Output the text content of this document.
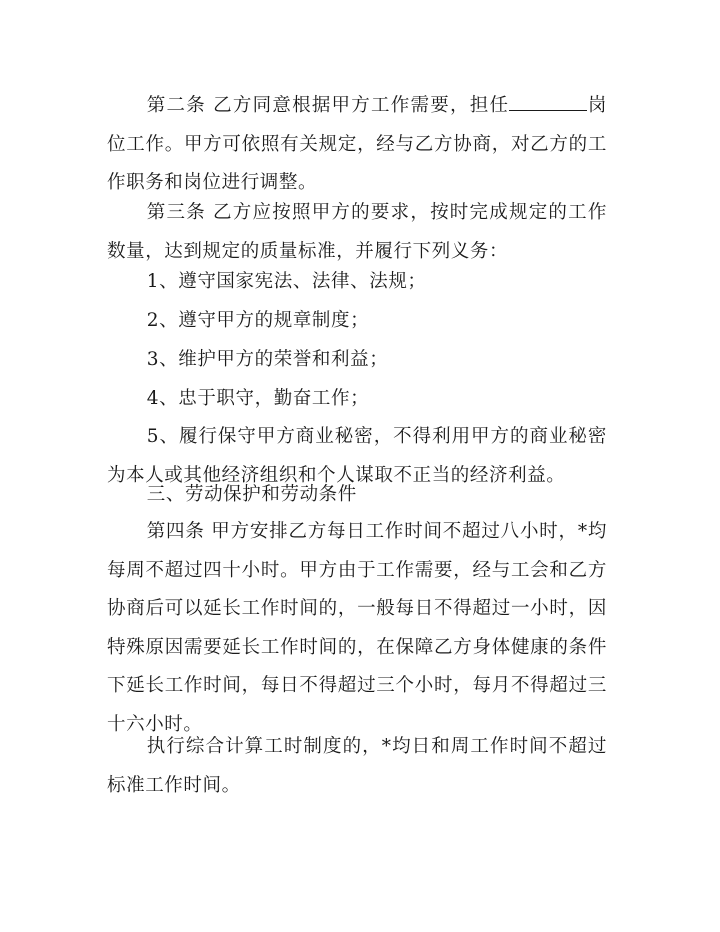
第二条 乙方同意根据甲方工作需要，担任	岗位工作。甲方可依照有关规定，经与乙方协商，对乙方的工作职务和岗位进行调整。

第三条 乙方应按照甲方的要求，按时完成规定的工作数量，达到规定的质量标准，并履行下列义务：

1、遵守国家宪法、法律、法规；

2、遵守甲方的规章制度；

3、维护甲方的荣誉和利益；

4、忠于职守，勤奋工作；

5、履行保守甲方商业秘密，不得利用甲方的商业秘密为本人或其他经济组织和个人谋取不正当的经济利益。

三、劳动保护和劳动条件

第四条 甲方安排乙方每日工作时间不超过八小时，*均每周不超过四十小时。甲方由于工作需要，经与工会和乙方协商后可以延长工作时间的，一般每日不得超过一小时，因特殊原因需要延长工作时间的，在保障乙方身体健康的条件下延长工作时间，每日不得超过三个小时，每月不得超过三十六小时。

执行综合计算工时制度的，*均日和周工作时间不超过标准工作时间。
